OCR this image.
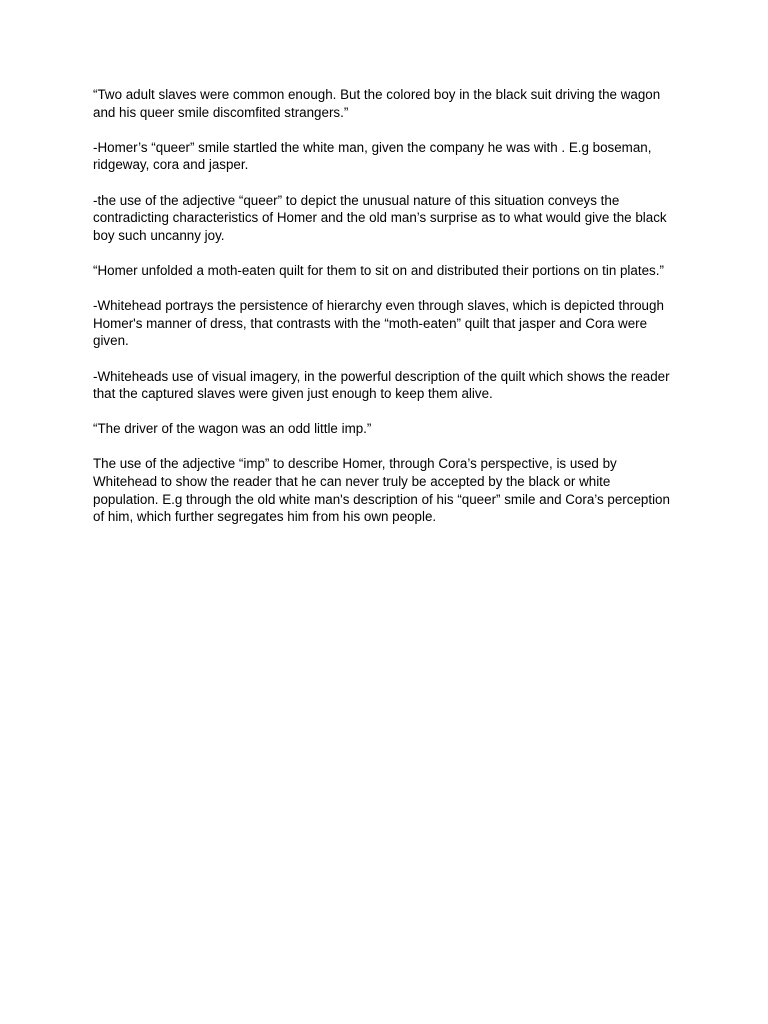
“Two adult slaves were common enough. But the colored boy in the black suit driving the wagon and his queer smile discomfited strangers.”

-Homer’s “queer” smile startled the white man, given the company he was with . E.g boseman, ridgeway, cora and jasper.

-the use of the adjective “queer” to depict the unusual nature of this situation conveys the contradicting characteristics of Homer and the old man’s surprise as to what would give the black boy such uncanny joy.

“Homer unfolded a moth-eaten quilt for them to sit on and distributed their portions on tin plates.”

-Whitehead portrays the persistence of hierarchy even through slaves, which is depicted through Homer's manner of dress, that contrasts with the “moth-eaten” quilt that jasper and Cora were given.

-Whiteheads use of visual imagery, in the powerful description of the quilt which shows the reader that the captured slaves were given just enough to keep them alive.

“The driver of the wagon was an odd little imp.”

The use of the adjective “imp” to describe Homer, through Cora’s perspective, is used by Whitehead to show the reader that he can never truly be accepted by the black or white population. E.g through the old white man's description of his “queer” smile and Cora’s perception of him, which further segregates him from his own people.
